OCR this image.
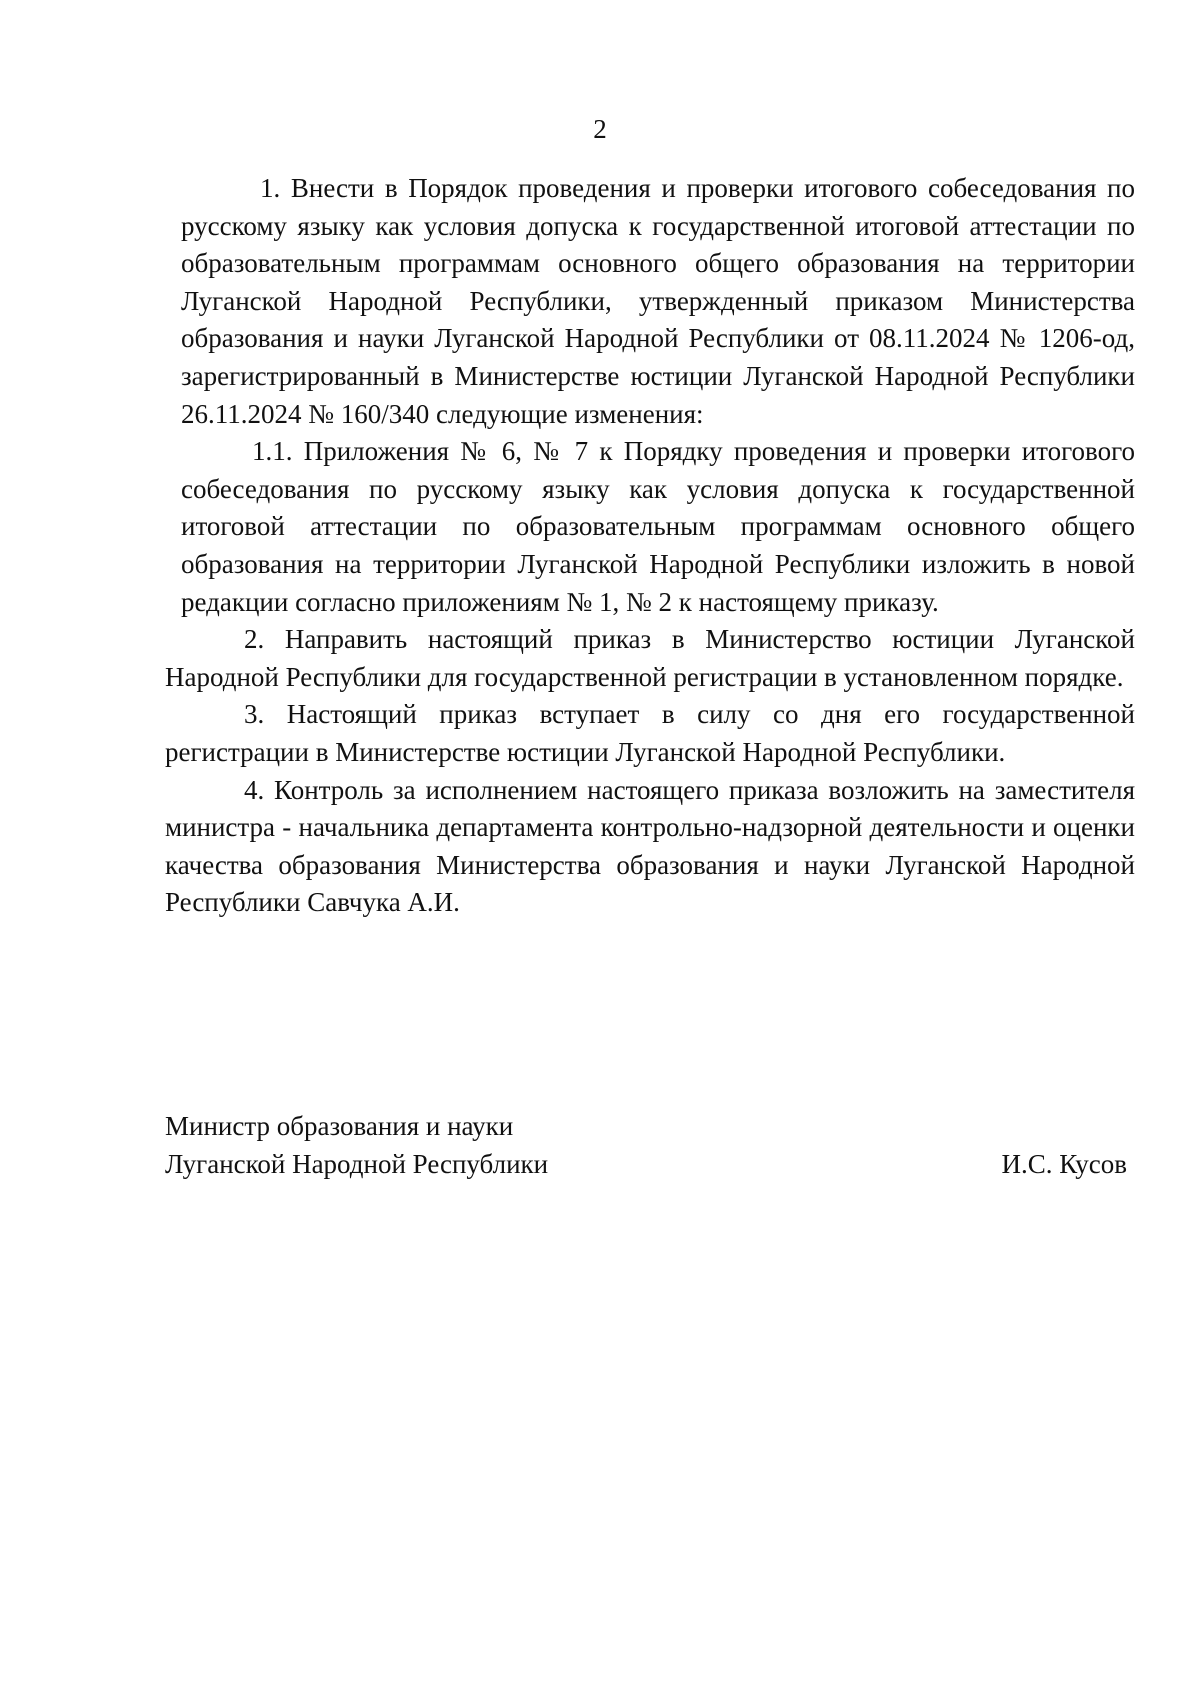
2

1. Внести в Порядок проведения и проверки итогового собеседования по русскому языку как условия допуска к государственной итоговой аттестации по образовательным программам основного общего образования на территории Луганской Народной Республики, утвержденный приказом Министерства образования и науки Луганской Народной Республики от 08.11.2024 № 1206-од, зарегистрированный в Министерстве юстиции Луганской Народной Республики 26.11.2024 № 160/340 следующие изменения:

1.1. Приложения № 6, № 7 к Порядку проведения и проверки итогового собеседования по русскому языку как условия допуска к государственной итоговой аттестации по образовательным программам основного общего образования на территории Луганской Народной Республики изложить в новой редакции согласно приложениям № 1, № 2 к настоящему приказу.

2. Направить настоящий приказ в Министерство юстиции Луганской Народной Республики для государственной регистрации в установленном порядке.

3. Настоящий приказ вступает в силу со дня его государственной регистрации в Министерстве юстиции Луганской Народной Республики.

4. Контроль за исполнением настоящего приказа возложить на заместителя министра - начальника департамента контрольно-надзорной деятельности и оценки качества образования Министерства образования и науки Луганской Народной Республики Савчука А.И.

Министр образования и науки
Луганской Народной Республики	И.С. Кусов
